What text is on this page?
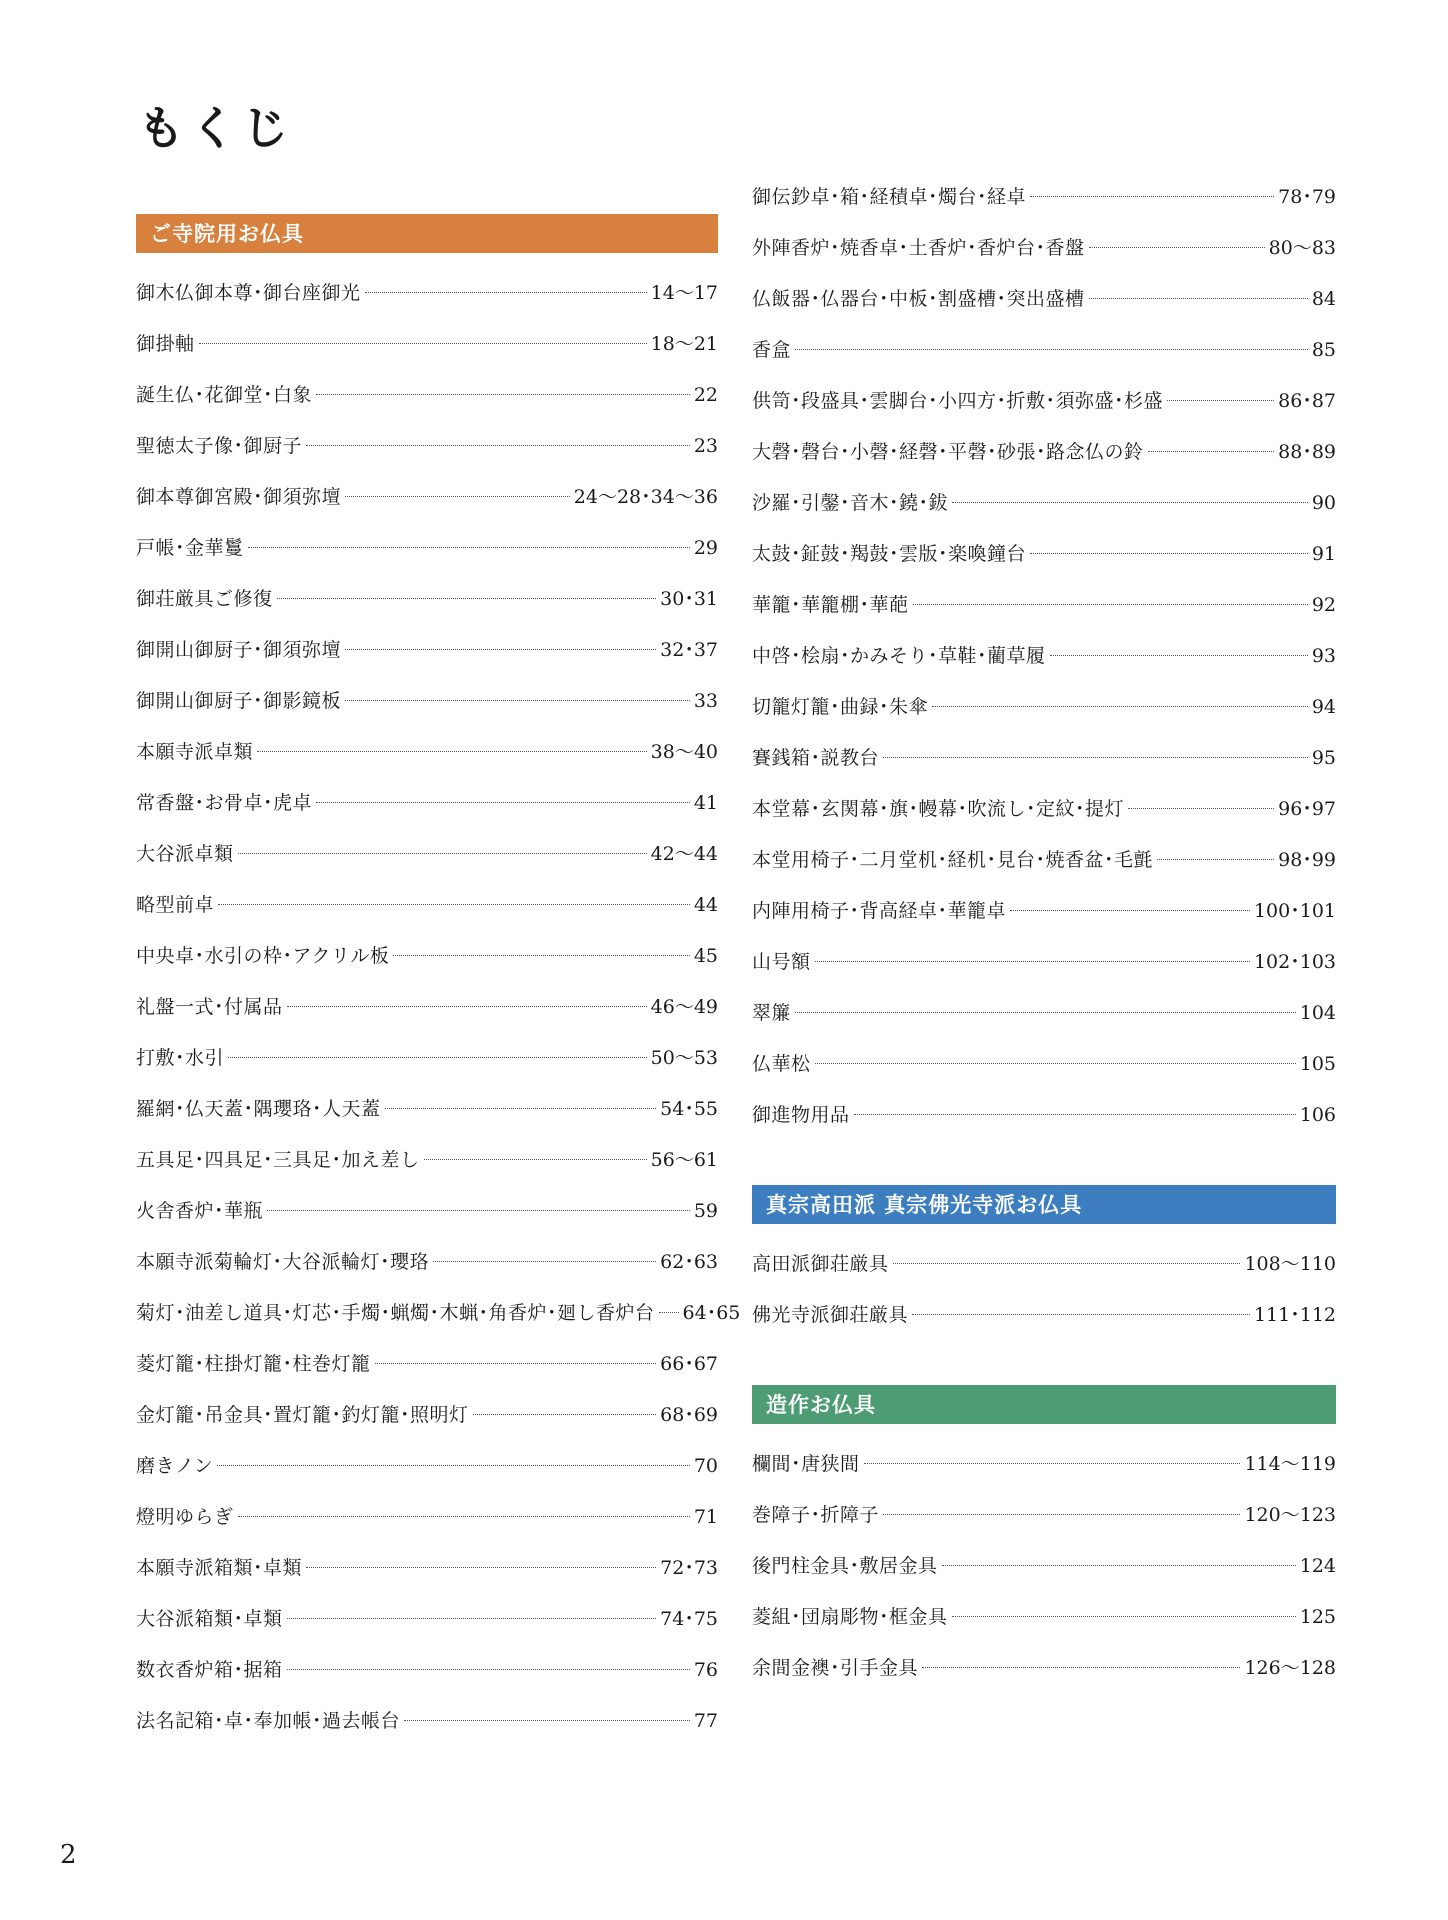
もくじ
ご寺院用お仏具
御木仏御本尊･御台座御光	14～17
御掛軸	18～21
誕生仏･花御堂･白象	22
聖徳太子像･御厨子	23
御本尊御宮殿･御須弥壇	24～28･34～36
戸帳･金華鬘	29
御荘厳具ご修復	30･31
御開山御厨子･御須弥壇	32･37
御開山御厨子･御影鏡板	33
本願寺派卓類	38～40
常香盤･お骨卓･虎卓	41
大谷派卓類	42～44
略型前卓	44
中央卓･水引の枠･アクリル板	45
礼盤一式･付属品	46～49
打敷･水引	50～53
羅網･仏天蓋･隅瓔珞･人天蓋	54･55
五具足･四具足･三具足･加え差し	56～61
火舎香炉･華瓶	59
本願寺派菊輪灯･大谷派輪灯･瓔珞	62･63
菊灯･油差し道具･灯芯･手燭･蝋燭･木蝋･角香炉･廻し香炉台 64･65
菱灯籠･柱掛灯籠･柱巻灯籠	66･67
金灯籠･吊金具･置灯籠･釣灯籠･照明灯	68･69
磨きノン	70
燈明ゆらぎ	71
本願寺派箱類･卓類	72･73
大谷派箱類･卓類	74･75
数衣香炉箱･据箱	76
法名記箱･卓･奉加帳･過去帳台	77
御伝鈔卓･箱･経積卓･燭台･経卓	78･79
外陣香炉･焼香卓･土香炉･香炉台･香盤	80～83
仏飯器･仏器台･中板･割盛槽･突出盛槽	84
香盒	85
供笥･段盛具･雲脚台･小四方･折敷･須弥盛･杉盛	86･87
大磬･磬台･小磬･経磬･平磬･砂張･路念仏の鈴	88･89
沙羅･引鏧･音木･鐃･鈸	90
太鼓･鉦鼓･羯鼓･雲版･楽喚鐘台	91
華籠･華籠棚･華葩	92
中啓･桧扇･かみそり･草鞋･藺草履	93
切籠灯籠･曲録･朱傘	94
賽銭箱･説教台	95
本堂幕･玄関幕･旗･幔幕･吹流し･定紋･提灯	96･97
本堂用椅子･二月堂机･経机･見台･焼香盆･毛氈	98･99
内陣用椅子･背高経卓･華籠卓	100･101
山号額	102･103
翠簾	104
仏華松	105
御進物用品	106
真宗高田派 真宗佛光寺派お仏具
高田派御荘厳具	108～110
佛光寺派御荘厳具	111･112
造作お仏具
欄間･唐狭間	114～119
巻障子･折障子	120～123
後門柱金具･敷居金具	124
菱組･団扇彫物･框金具	125
余間金襖･引手金具	126～128
2
